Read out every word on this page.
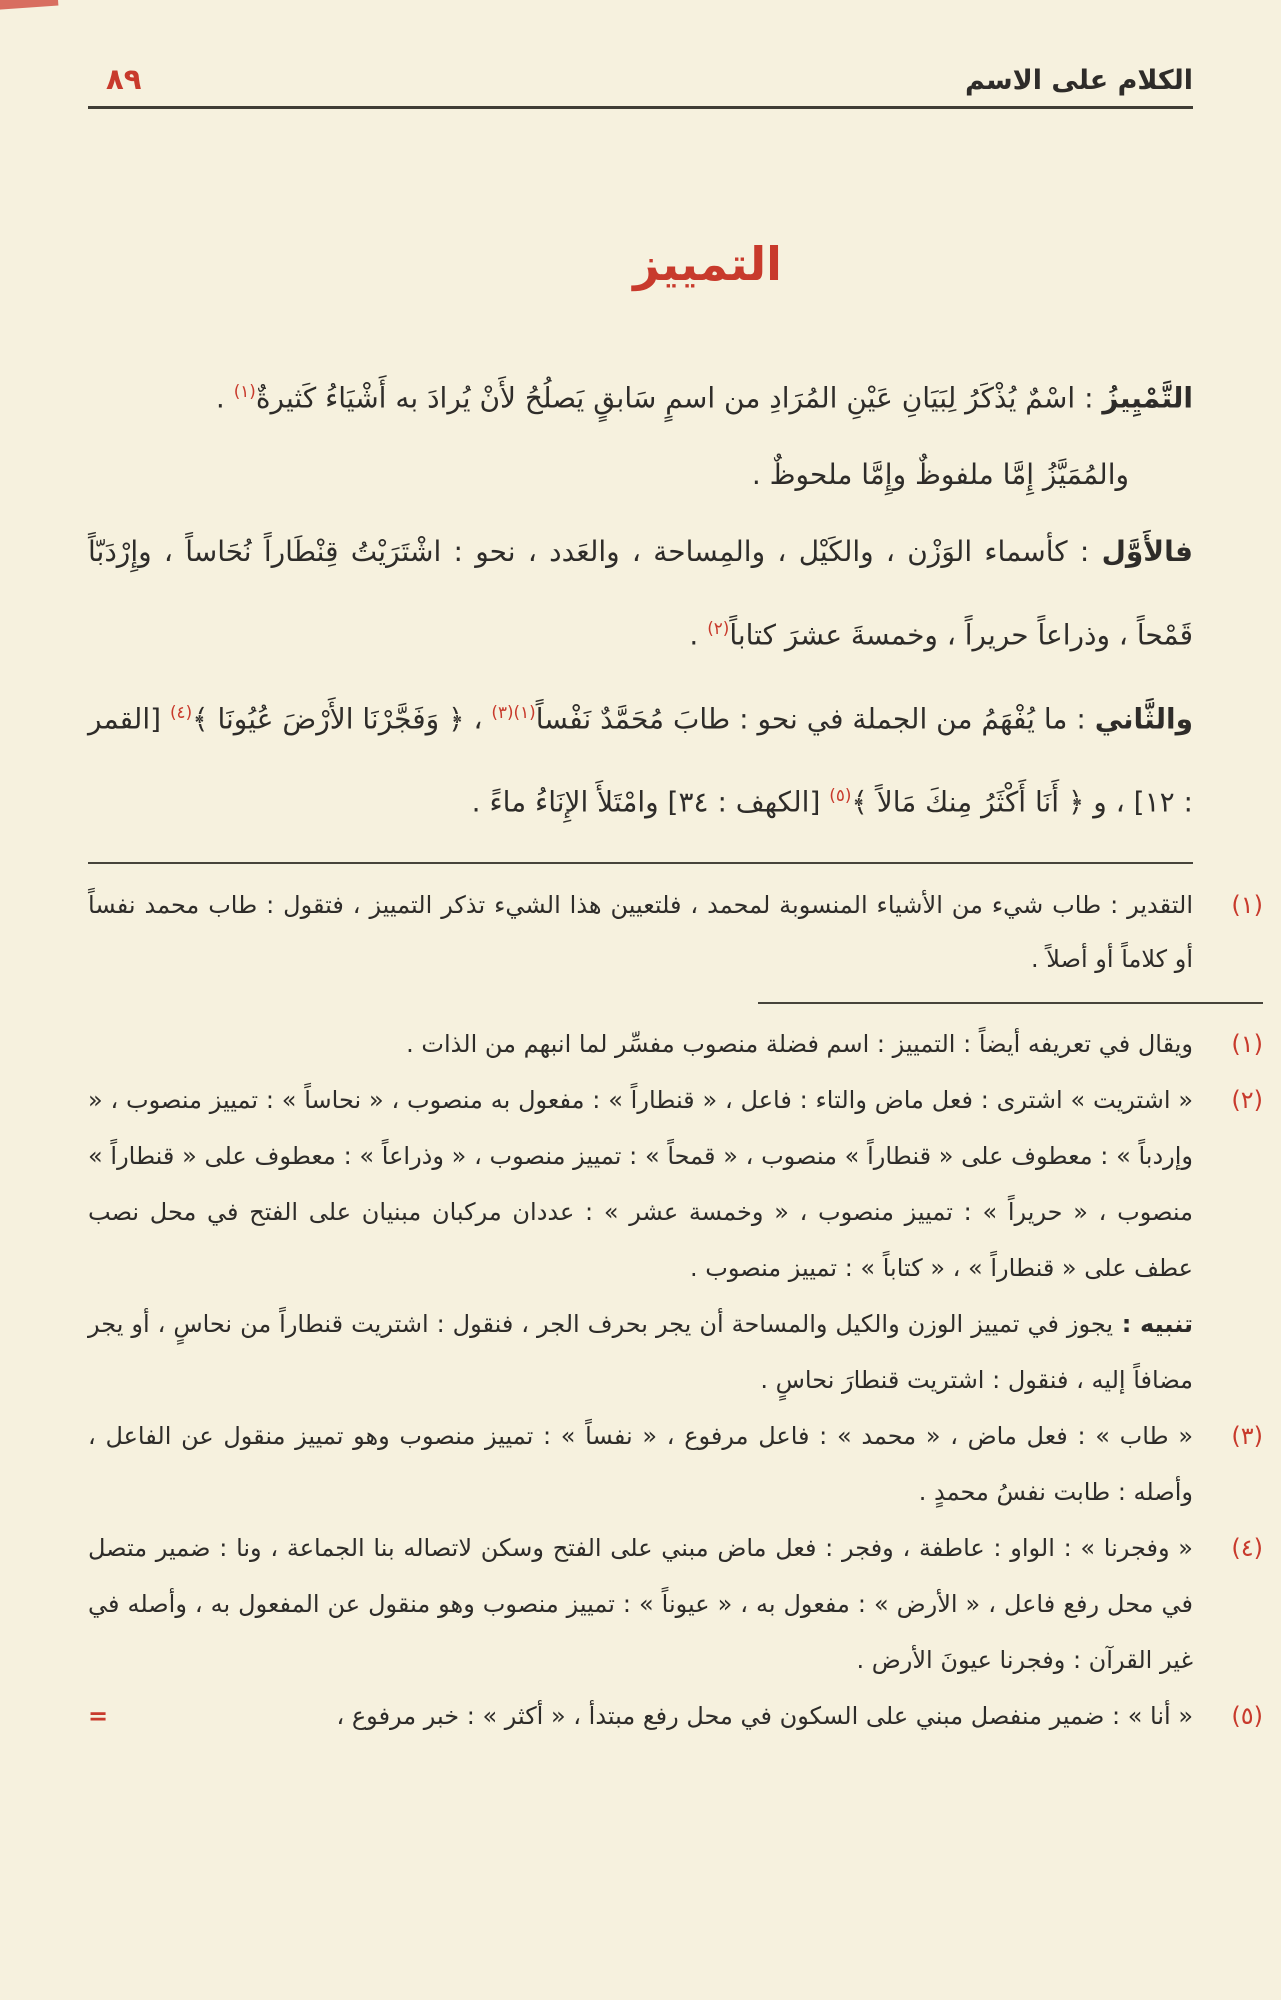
الكلام على الاسم
٨٩
التمييز

التَّمْيِيزُ : اسْمٌ يُذْكَرُ لِبَيَانِ عَيْنِ المُرَادِ من اسمٍ سَابقٍ يَصلُحُ لأَنْ يُرادَ به أَشْيَاءُ كَثيرةٌ$^{(١)}$ .

والمُمَيَّزُ إِمَّا ملفوظٌ وإِمَّا ملحوظٌ .

فالأَوَّل : كأسماء الوَزْن ، والكَيْل ، والمِساحة ، والعَدد ، نحو : اشْتَرَيْتُ قِنْطَاراً نُحَاساً ، وإِرْدَبّاً قَمْحاً ، وذراعاً حريراً ، وخمسةَ عشرَ كتاباً$^{(٢)}$ .

والثَّاني : ما يُفْهَمُ من الجملة في نحو : طابَ مُحَمَّدٌ نَفْساً$^{(١)(٣)}$ ، ﴿ وَفَجَّرْنَا الأَرْضَ عُيُونَا ﴾$^{(٤)}$ [القمر : ١٢] ، و ﴿ أَنَا أَكْثَرُ مِنكَ مَالاً ﴾$^{(٥)}$ [الكهف : ٣٤] وامْتَلأَ الإِنَاءُ ماءً .

(١)
التقدير : طاب شيء من الأشياء المنسوبة لمحمد ، فلتعيين هذا الشيء تذكر التمييز ، فتقول : طاب محمد نفساً أو كلاماً أو أصلاً .
(١)
ويقال في تعريفه أيضاً : التمييز : اسم فضلة منصوب مفسِّر لما انبهم من الذات .
(٢)
« اشتريت » اشترى : فعل ماض والتاء : فاعل ، « قنطاراً » : مفعول به منصوب ، « نحاساً » : تمييز منصوب ، « وإردباً » : معطوف على « قنطاراً » منصوب ، « قمحاً » : تمييز منصوب ، « وذراعاً » : معطوف على « قنطاراً » منصوب ، « حريراً » : تمييز منصوب ، « وخمسة عشر » : عددان مركبان مبنيان على الفتح في محل نصب عطف على « قنطاراً » ، « كتاباً » : تمييز منصوب .
تنبيه : يجوز في تمييز الوزن والكيل والمساحة أن يجر بحرف الجر ، فنقول : اشتريت قنطاراً من نحاسٍ ، أو يجر مضافاً إليه ، فنقول : اشتريت قنطارَ نحاسٍ .
(٣)
« طاب » : فعل ماض ، « محمد » : فاعل مرفوع ، « نفساً » : تمييز منصوب وهو تمييز منقول عن الفاعل ، وأصله : طابت نفسُ محمدٍ .
(٤)
« وفجرنا » : الواو : عاطفة ، وفجر : فعل ماض مبني على الفتح وسكن لاتصاله بنا الجماعة ، ونا : ضمير متصل في محل رفع فاعل ، « الأرض » : مفعول به ، « عيوناً » : تمييز منصوب وهو منقول عن المفعول به ، وأصله في غير القرآن : وفجرنا عيونَ الأرض .
(٥)
« أنا » : ضمير منفصل مبني على السكون في محل رفع مبتدأ ، « أكثر » : خبر مرفوع ،
=
